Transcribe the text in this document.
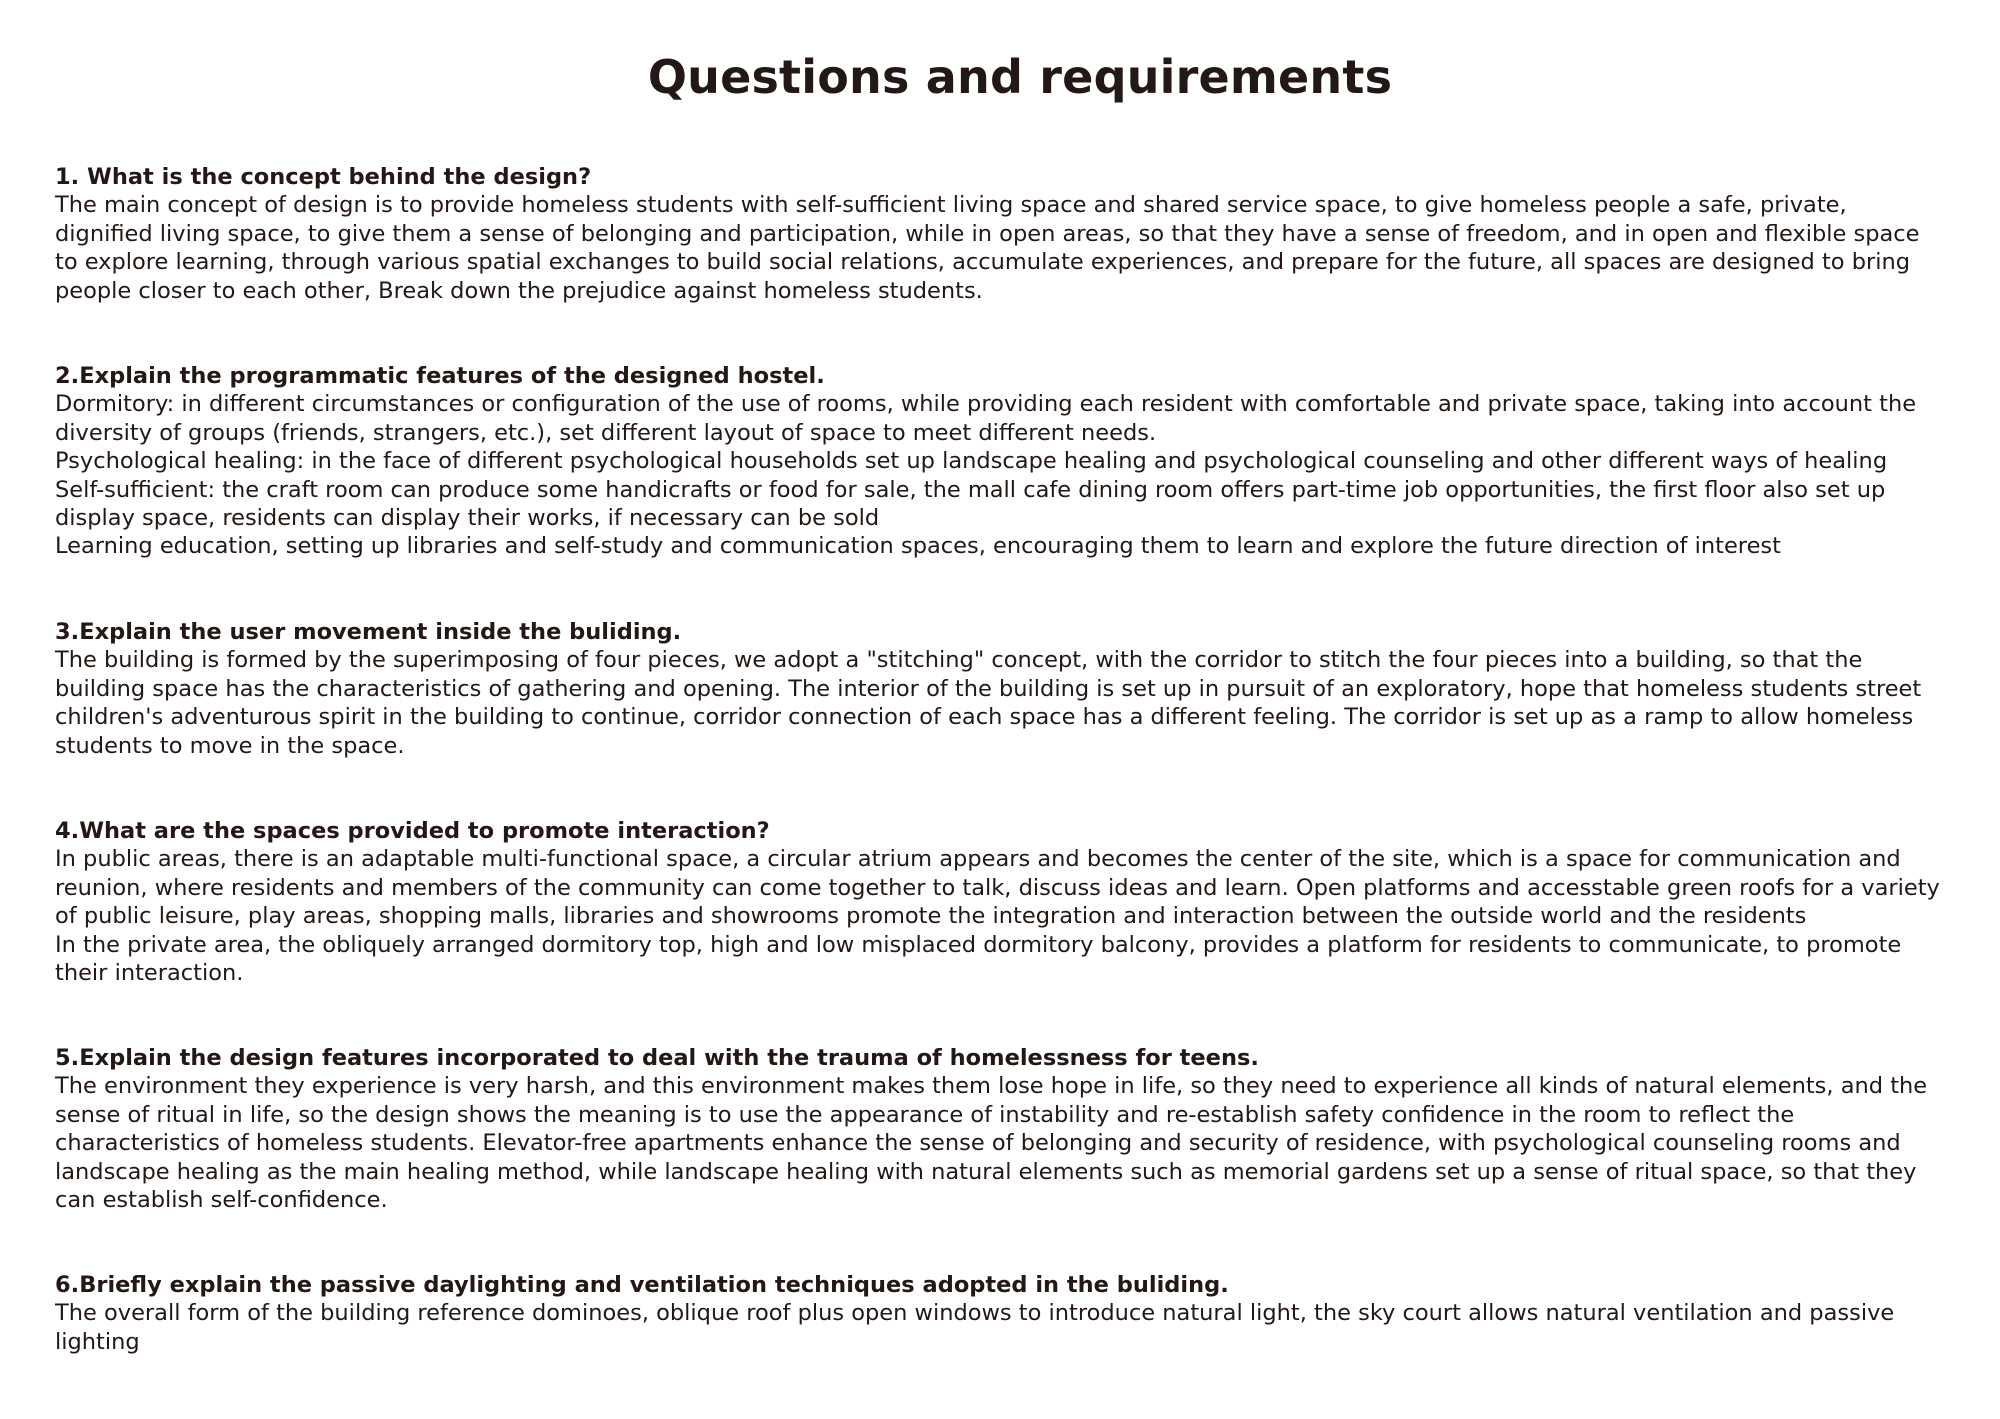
Questions and requirements

1. What is the concept behind the design?

The main concept of design is to provide homeless students with self-sufficient living space and shared service space, to give homeless people a safe, private,
dignified living space, to give them a sense of belonging and participation, while in open areas, so that they have a sense of freedom, and in open and flexible space
to explore learning, through various spatial exchanges to build social relations, accumulate experiences, and prepare for the future, all spaces are designed to bring
people closer to each other, Break down the prejudice against homeless students.

2.Explain the programmatic features of the designed hostel.

Dormitory: in different circumstances or configuration of the use of rooms, while providing each resident with comfortable and private space, taking into account the
diversity of groups (friends, strangers, etc.), set different layout of space to meet different needs.
Psychological healing: in the face of different psychological households set up landscape healing and psychological counseling and other different ways of healing
Self-sufficient: the craft room can produce some handicrafts or food for sale, the mall cafe dining room offers part-time job opportunities, the first floor also set up
display space, residents can display their works, if necessary can be sold
Learning education, setting up libraries and self-study and communication spaces, encouraging them to learn and explore the future direction of interest

3.Explain the user movement inside the buliding.

The building is formed by the superimposing of four pieces, we adopt a "stitching" concept, with the corridor to stitch the four pieces into a building, so that the
building space has the characteristics of gathering and opening. The interior of the building is set up in pursuit of an exploratory, hope that homeless students street
children's adventurous spirit in the building to continue, corridor connection of each space has a different feeling. The corridor is set up as a ramp to allow homeless
students to move in the space.

4.What are the spaces provided to promote interaction?

In public areas, there is an adaptable multi-functional space, a circular atrium appears and becomes the center of the site, which is a space for communication and
reunion, where residents and members of the community can come together to talk, discuss ideas and learn. Open platforms and accesstable green roofs for a variety
of public leisure, play areas, shopping malls, libraries and showrooms promote the integration and interaction between the outside world and the residents
In the private area, the obliquely arranged dormitory top, high and low misplaced dormitory balcony, provides a platform for residents to communicate, to promote
their interaction.

5.Explain the design features incorporated to deal with the trauma of homelessness for teens.

The environment they experience is very harsh, and this environment makes them lose hope in life, so they need to experience all kinds of natural elements, and the
sense of ritual in life, so the design shows the meaning is to use the appearance of instability and re-establish safety confidence in the room to reflect the
characteristics of homeless students. Elevator-free apartments enhance the sense of belonging and security of residence, with psychological counseling rooms and
landscape healing as the main healing method, while landscape healing with natural elements such as memorial gardens set up a sense of ritual space, so that they
can establish self-confidence.

6.Briefly explain the passive daylighting and ventilation techniques adopted in the buliding.

The overall form of the building reference dominoes, oblique roof plus open windows to introduce natural light, the sky court allows natural ventilation and passive
lighting
